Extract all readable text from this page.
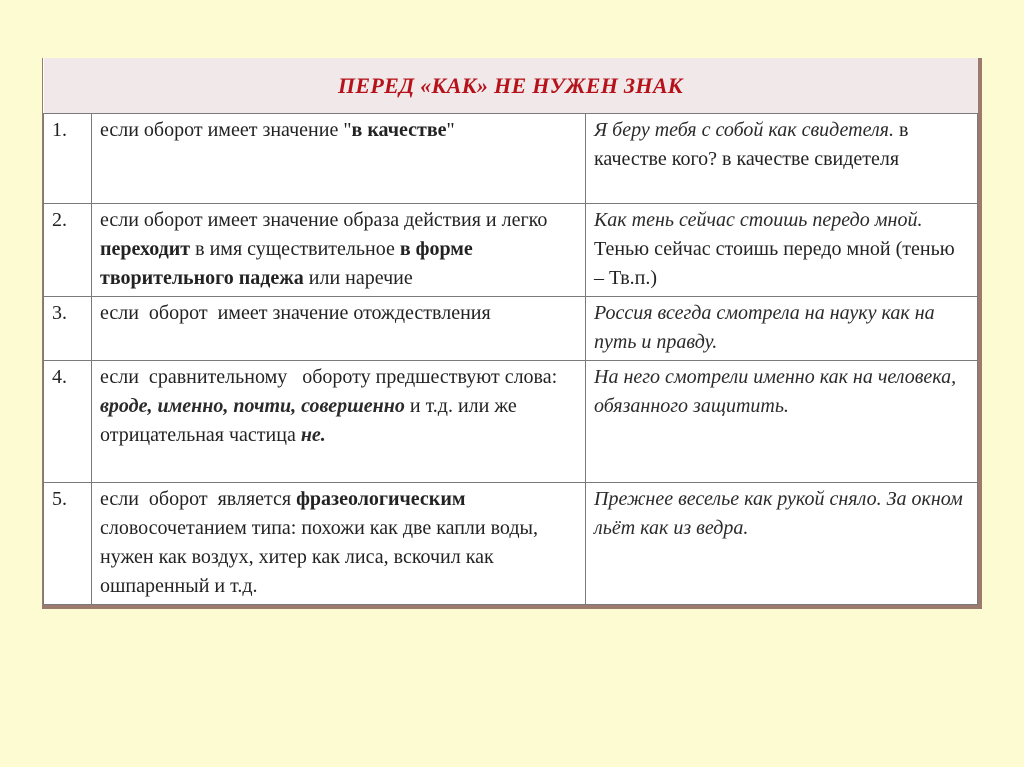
ПЕРЕД «КАК» НЕ НУЖЕН ЗНАК		
1.	если оборот имеет значение "в качестве"	Я беру тебя с собой как свидетеля. в качестве кого? в качестве свидетеля
2.	если оборот имеет значение образа действия и легко переходит в имя существительное в форме творительного падежа или наречие	Как тень сейчас стоишь передо мной. Тенью сейчас стоишь передо мной (тенью – Тв.п.)
3.	если  оборот  имеет значение отождествления	Россия всегда смотрела на науку как на путь и правду.
4.	если  сравнительному   обороту предшествуют слова: вроде, именно, почти, совершенно и т.д. или же отрицательная частица не.	На него смотрели именно как на человека, обязанного защитить.
5.	если  оборот  является фразеологическим словосочетанием типа: похожи как две капли воды, нужен как воздух, хитер как лиса, вскочил как ошпаренный и т.д.	Прежнее веселье как рукой сняло. За окном льёт как из ведра.
